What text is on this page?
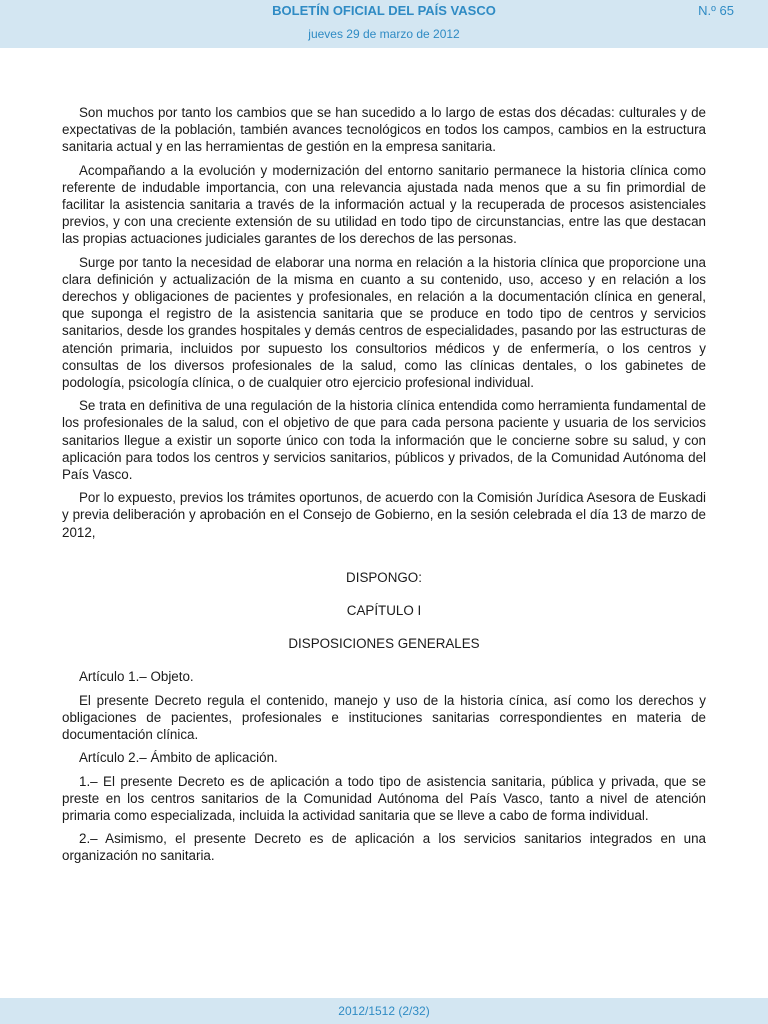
BOLETÍN OFICIAL DEL PAÍS VASCO	N.º 65
jueves 29 de marzo de 2012

Son muchos por tanto los cambios que se han sucedido a lo largo de estas dos décadas: culturales y de expectativas de la población, también avances tecnológicos en todos los campos, cambios en la estructura sanitaria actual y en las herramientas de gestión en la empresa sanitaria.

Acompañando a la evolución y modernización del entorno sanitario permanece la historia clínica como referente de indudable importancia, con una relevancia ajustada nada menos que a su fin primordial de facilitar la asistencia sanitaria a través de la información actual y la recuperada de procesos asistenciales previos, y con una creciente extensión de su utilidad en todo tipo de circunstancias, entre las que destacan las propias actuaciones judiciales garantes de los derechos de las personas.

Surge por tanto la necesidad de elaborar una norma en relación a la historia clínica que proporcione una clara definición y actualización de la misma en cuanto a su contenido, uso, acceso y en relación a los derechos y obligaciones de pacientes y profesionales, en relación a la documentación clínica en general, que suponga el registro de la asistencia sanitaria que se produce en todo tipo de centros y servicios sanitarios, desde los grandes hospitales y demás centros de especialidades, pasando por las estructuras de atención primaria, incluidos por supuesto los consultorios médicos y de enfermería, o los centros y consultas de los diversos profesionales de la salud, como las clínicas dentales, o los gabinetes de podología, psicología clínica, o de cualquier otro ejercicio profesional individual.

Se trata en definitiva de una regulación de la historia clínica entendida como herramienta fundamental de los profesionales de la salud, con el objetivo de que para cada persona paciente y usuaria de los servicios sanitarios llegue a existir un soporte único con toda la información que le concierne sobre su salud, y con aplicación para todos los centros y servicios sanitarios, públicos y privados, de la Comunidad Autónoma del País Vasco.

Por lo expuesto, previos los trámites oportunos, de acuerdo con la Comisión Jurídica Asesora de Euskadi y previa deliberación y aprobación en el Consejo de Gobierno, en la sesión celebrada el día 13 de marzo de 2012,

DISPONGO:

CAPÍTULO I

DISPOSICIONES GENERALES

Artículo 1.– Objeto.

El presente Decreto regula el contenido, manejo y uso de la historia cínica, así como los derechos y obligaciones de pacientes, profesionales e instituciones sanitarias correspondientes en materia de documentación clínica.

Artículo 2.– Ámbito de aplicación.

1.– El presente Decreto es de aplicación a todo tipo de asistencia sanitaria, pública y privada, que se preste en los centros sanitarios de la Comunidad Autónoma del País Vasco, tanto a nivel de atención primaria como especializada, incluida la actividad sanitaria que se lleve a cabo de forma individual.

2.– Asimismo, el presente Decreto es de aplicación a los servicios sanitarios integrados en una organización no sanitaria.

2012/1512 (2/32)
